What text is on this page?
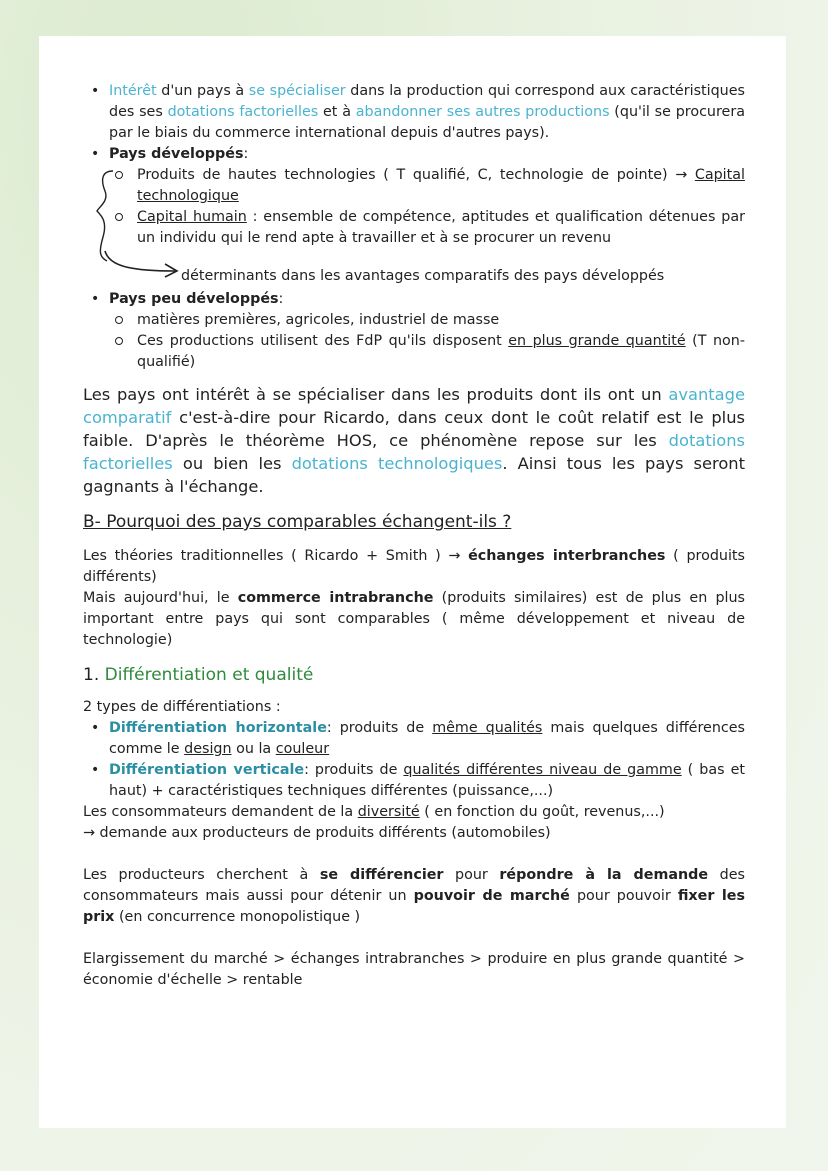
• Intérêt d'un pays à se spécialiser dans la production qui correspond aux caractéristiques des ses dotations factorielles et à abandonner ses autres productions (qu'il se procurera par le biais du commerce international depuis d'autres pays).

• Pays développés:

Produits de hautes technologies ( T qualifié, C, technologie de pointe) → Capital technologique

Capital humain : ensemble de compétence, aptitudes et qualification détenues par un individu qui le rend apte à travailler et à se procurer un revenu

déterminants dans les avantages comparatifs des pays développés

• Pays peu développés:

matières premières, agricoles, industriel de masse

Ces productions utilisent des FdP qu'ils disposent en plus grande quantité (T non-qualifié)

Les pays ont intérêt à se spécialiser dans les produits dont ils ont un avantage comparatif c'est-à-dire pour Ricardo, dans ceux dont le coût relatif est le plus faible. D'après le théorème HOS, ce phénomène repose sur les dotations factorielles ou bien les dotations technologiques. Ainsi tous les pays seront gagnants à l'échange.

B- Pourquoi des pays comparables échangent-ils ?

Les théories traditionnelles ( Ricardo + Smith ) → échanges interbranches ( produits différents)

Mais aujourd'hui, le commerce intrabranche (produits similaires) est de plus en plus important entre pays qui sont comparables ( même développement et niveau de technologie)

1. Différentiation et qualité

2 types de différentiations :

• Différentiation horizontale: produits de même qualités mais quelques différences comme le design ou la couleur

• Différentiation verticale: produits de qualités différentes niveau de gamme ( bas et haut) + caractéristiques techniques différentes (puissance,...)

Les consommateurs demandent de la diversité ( en fonction du goût, revenus,...)

→ demande aux producteurs de produits différents (automobiles)

Les producteurs cherchent à se différencier pour répondre à la demande des consommateurs mais aussi pour détenir un pouvoir de marché pour pouvoir fixer les prix (en concurrence monopolistique )

Elargissement du marché > échanges intrabranches > produire en plus grande quantité > économie d'échelle > rentable
